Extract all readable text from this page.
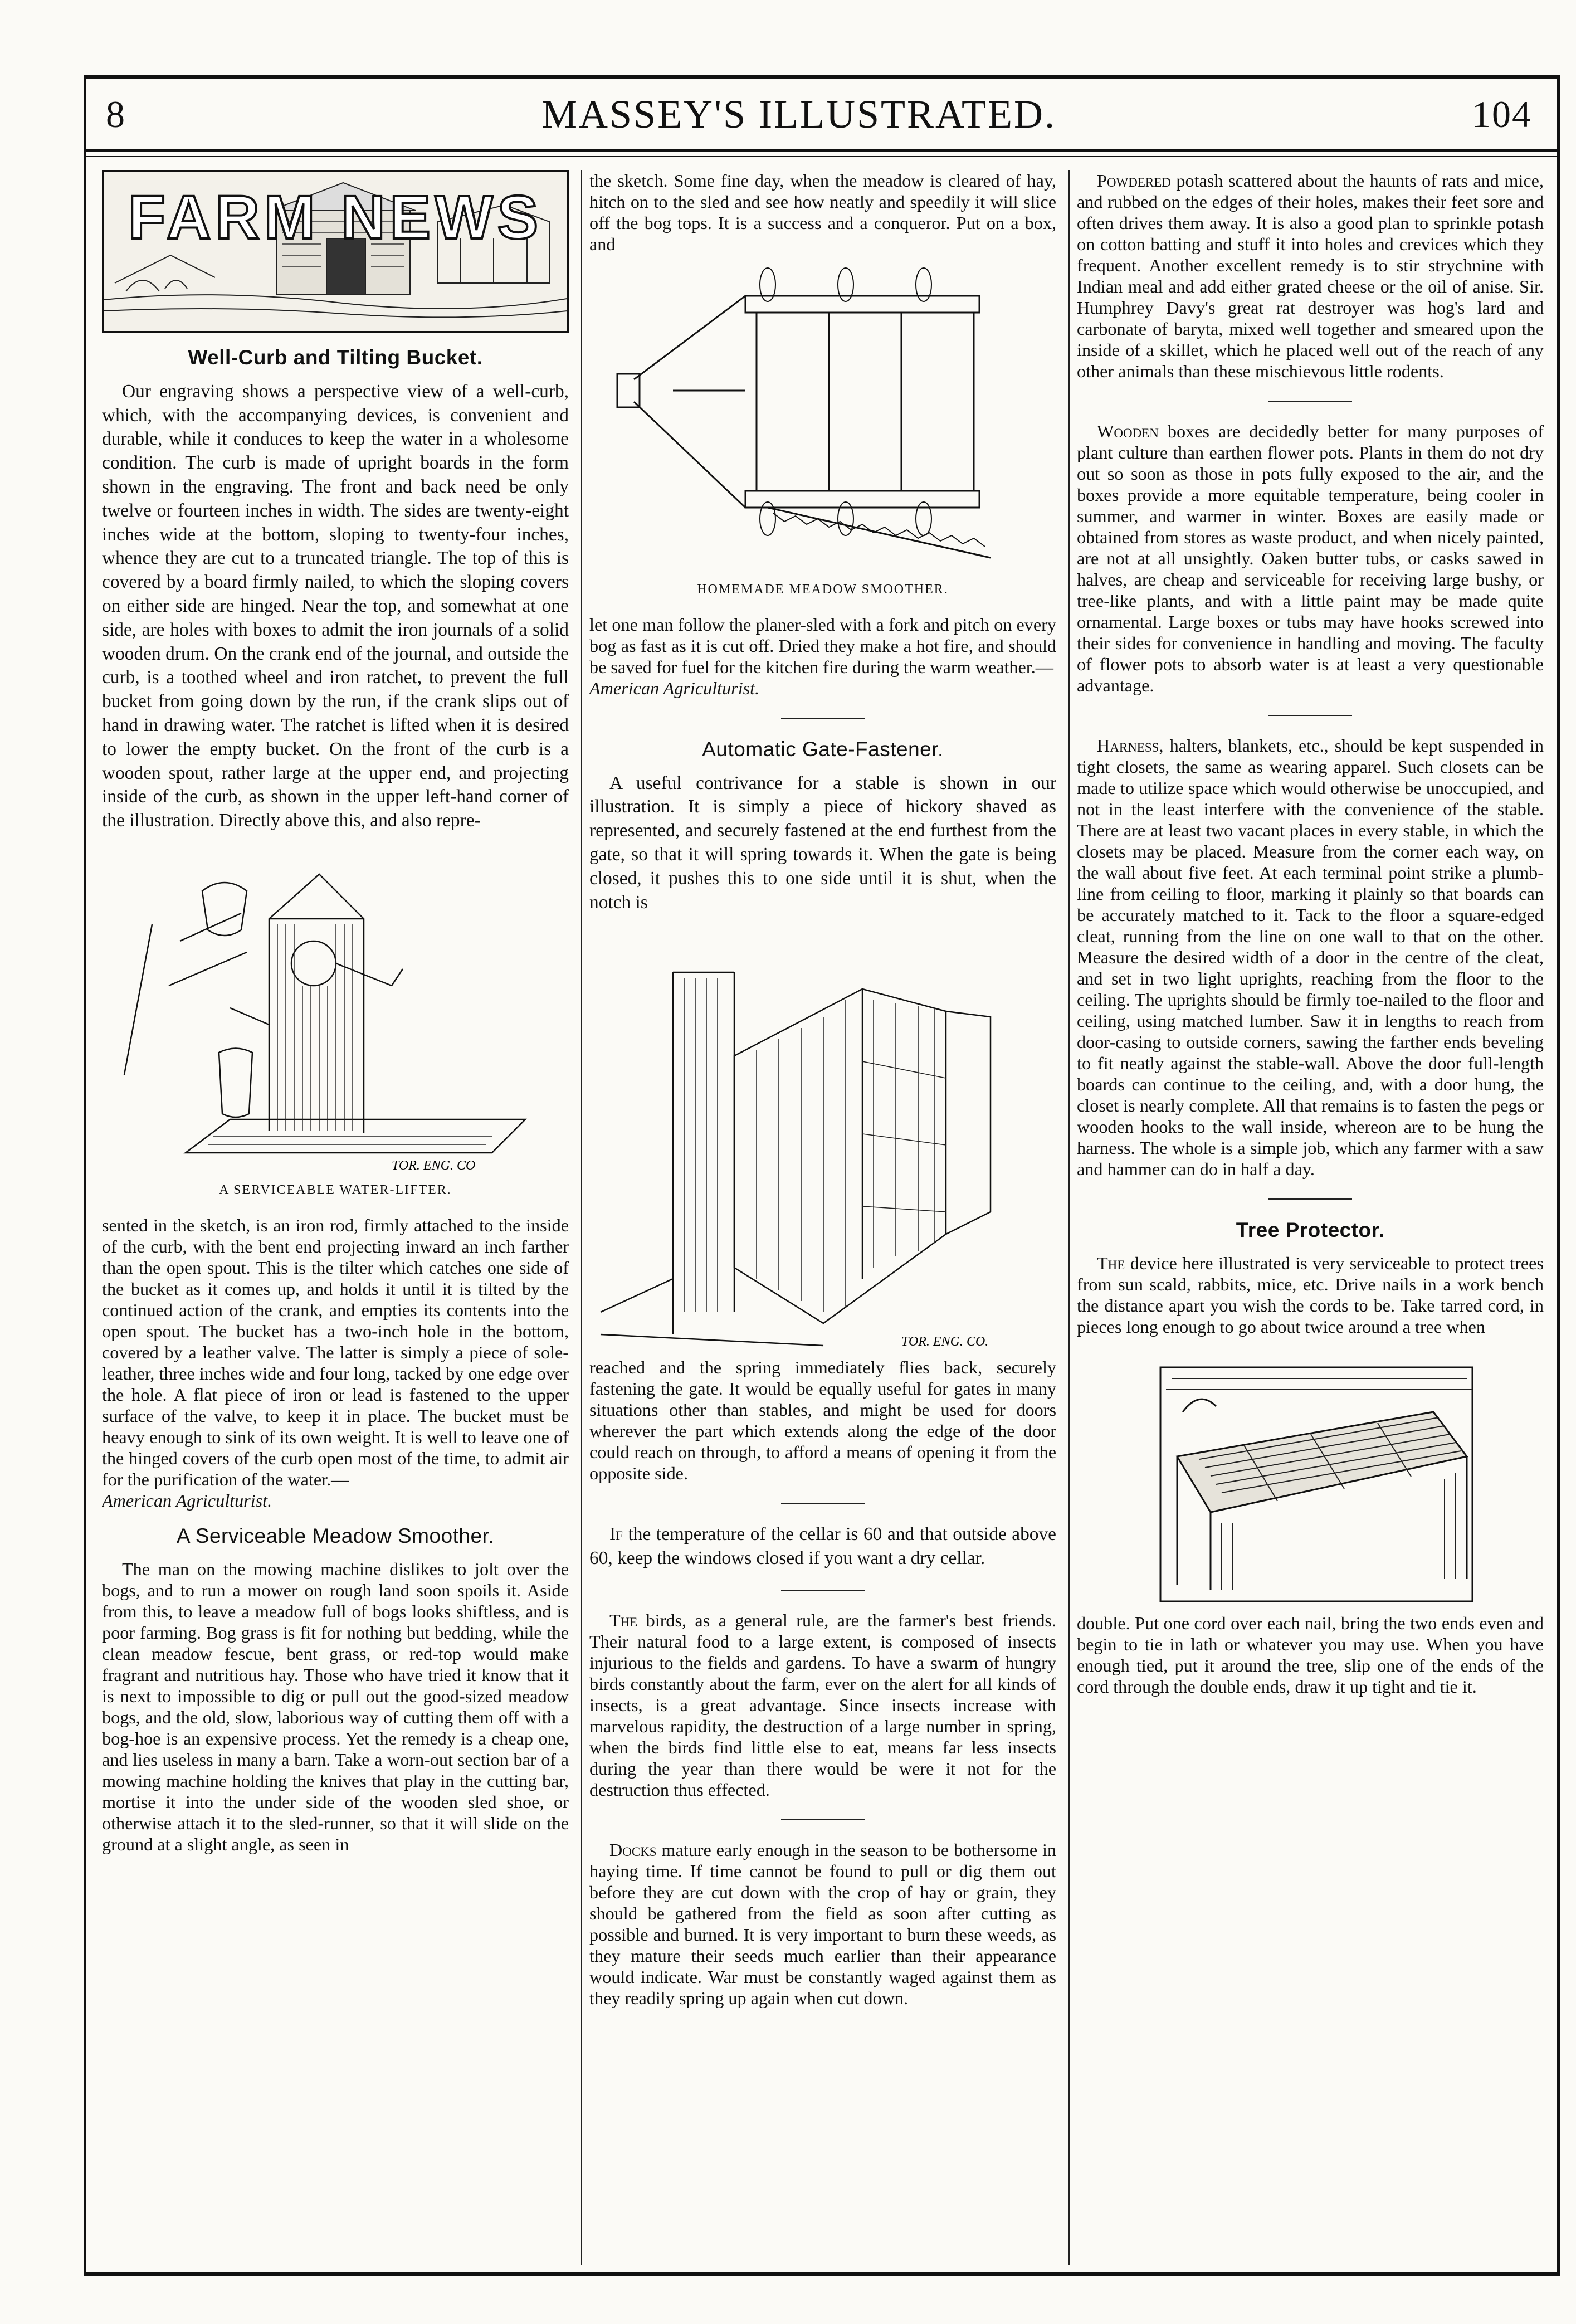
8	MASSEY'S ILLUSTRATED.	104
FARM NEWS
Well-Curb and Tilting Bucket.

Our engraving shows a perspective view of a well-curb, which, with the accompanying devices, is convenient and durable, while it conduces to keep the water in a wholesome condition. The curb is made of upright boards in the form shown in the engraving. The front and back need be only twelve or fourteen inches in width. The sides are twenty-eight inches wide at the bottom, sloping to twenty-four inches, whence they are cut to a truncated triangle. The top of this is covered by a board firmly nailed, to which the sloping covers on either side are hinged. Near the top, and somewhat at one side, are holes with boxes to admit the iron journals of a solid wooden drum. On the crank end of the journal, and outside the curb, is a toothed wheel and iron ratchet, to prevent the full bucket from going down by the run, if the crank slips out of hand in drawing water. The ratchet is lifted when it is desired to lower the empty bucket. On the front of the curb is a wooden spout, rather large at the upper end, and projecting inside of the curb, as shown in the upper left-hand corner of the illustration. Directly above this, and also repre-

TOR. ENG. CO
A SERVICEABLE WATER-LIFTER.

sented in the sketch, is an iron rod, firmly attached to the inside of the curb, with the bent end projecting inward an inch farther than the open spout. This is the tilter which catches one side of the bucket as it comes up, and holds it until it is tilted by the continued action of the crank, and empties its contents into the open spout. The bucket has a two-inch hole in the bottom, covered by a leather valve. The latter is simply a piece of sole-leather, three inches wide and four long, tacked by one edge over the hole. A flat piece of iron or lead is fastened to the upper surface of the valve, to keep it in place. The bucket must be heavy enough to sink of its own weight. It is well to leave one of the hinged covers of the curb open most of the time, to admit air for the purification of the water.—

American Agriculturist.

A Serviceable Meadow Smoother.

The man on the mowing machine dislikes to jolt over the bogs, and to run a mower on rough land soon spoils it. Aside from this, to leave a meadow full of bogs looks shiftless, and is poor farming. Bog grass is fit for nothing but bedding, while the clean meadow fescue, bent grass, or red-top would make fragrant and nutritious hay. Those who have tried it know that it is next to impossible to dig or pull out the good-sized meadow bogs, and the old, slow, laborious way of cutting them off with a bog-hoe is an expensive process. Yet the remedy is a cheap one, and lies useless in many a barn. Take a worn-out section bar of a mowing machine holding the knives that play in the cutting bar, mortise it into the under side of the wooden sled shoe, or otherwise attach it to the sled-runner, so that it will slide on the ground at a slight angle, as seen in

the sketch. Some fine day, when the meadow is cleared of hay, hitch on to the sled and see how neatly and speedily it will slice off the bog tops. It is a success and a conqueror. Put on a box, and

HOMEMADE MEADOW SMOOTHER.

let one man follow the planer-sled with a fork and pitch on every bog as fast as it is cut off. Dried they make a hot fire, and should be saved for fuel for the kitchen fire during the warm weather.—

American Agriculturist.

Automatic Gate-Fastener.

A useful contrivance for a stable is shown in our illustration. It is simply a piece of hickory shaved as represented, and securely fastened at the end furthest from the gate, so that it will spring towards it. When the gate is being closed, it pushes this to one side until it is shut, when the notch is

TOR. ENG. CO.

reached and the spring immediately flies back, securely fastening the gate. It would be equally useful for gates in many situations other than stables, and might be used for doors wherever the part which extends along the edge of the door could reach on through, to afford a means of opening it from the opposite side.

If the temperature of the cellar is 60 and that outside above 60, keep the windows closed if you want a dry cellar.

The birds, as a general rule, are the farmer's best friends. Their natural food to a large extent, is composed of insects injurious to the fields and gardens. To have a swarm of hungry birds constantly about the farm, ever on the alert for all kinds of insects, is a great advantage. Since insects increase with marvelous rapidity, the destruction of a large number in spring, when the birds find little else to eat, means far less insects during the year than there would be were it not for the destruction thus effected.

Docks mature early enough in the season to be bothersome in haying time. If time cannot be found to pull or dig them out before they are cut down with the crop of hay or grain, they should be gathered from the field as soon after cutting as possible and burned. It is very important to burn these weeds, as they mature their seeds much earlier than their appearance would indicate. War must be constantly waged against them as they readily spring up again when cut down.

Powdered potash scattered about the haunts of rats and mice, and rubbed on the edges of their holes, makes their feet sore and often drives them away. It is also a good plan to sprinkle potash on cotton batting and stuff it into holes and crevices which they frequent. Another excellent remedy is to stir strychnine with Indian meal and add either grated cheese or the oil of anise. Sir. Humphrey Davy's great rat destroyer was hog's lard and carbonate of baryta, mixed well together and smeared upon the inside of a skillet, which he placed well out of the reach of any other animals than these mischievous little rodents.

Wooden boxes are decidedly better for many purposes of plant culture than earthen flower pots. Plants in them do not dry out so soon as those in pots fully exposed to the air, and the boxes provide a more equitable temperature, being cooler in summer, and warmer in winter. Boxes are easily made or obtained from stores as waste product, and when nicely painted, are not at all unsightly. Oaken butter tubs, or casks sawed in halves, are cheap and serviceable for receiving large bushy, or tree-like plants, and with a little paint may be made quite ornamental. Large boxes or tubs may have hooks screwed into their sides for convenience in handling and moving. The faculty of flower pots to absorb water is at least a very questionable advantage.

Harness, halters, blankets, etc., should be kept suspended in tight closets, the same as wearing apparel. Such closets can be made to utilize space which would otherwise be unoccupied, and not in the least interfere with the convenience of the stable. There are at least two vacant places in every stable, in which the closets may be placed. Measure from the corner each way, on the wall about five feet. At each terminal point strike a plumb-line from ceiling to floor, marking it plainly so that boards can be accurately matched to it. Tack to the floor a square-edged cleat, running from the line on one wall to that on the other. Measure the desired width of a door in the centre of the cleat, and set in two light uprights, reaching from the floor to the ceiling. The uprights should be firmly toe-nailed to the floor and ceiling, using matched lumber. Saw it in lengths to reach from door-casing to outside corners, sawing the farther ends beveling to fit neatly against the stable-wall. Above the door full-length boards can continue to the ceiling, and, with a door hung, the closet is nearly complete. All that remains is to fasten the pegs or wooden hooks to the wall inside, whereon are to be hung the harness. The whole is a simple job, which any farmer with a saw and hammer can do in half a day.

Tree Protector.

The device here illustrated is very serviceable to protect trees from sun scald, rabbits, mice, etc. Drive nails in a work bench the distance apart you wish the cords to be. Take tarred cord, in pieces long enough to go about twice around a tree when

double. Put one cord over each nail, bring the two ends even and begin to tie in lath or whatever you may use. When you have enough tied, put it around the tree, slip one of the ends of the cord through the double ends, draw it up tight and tie it.
